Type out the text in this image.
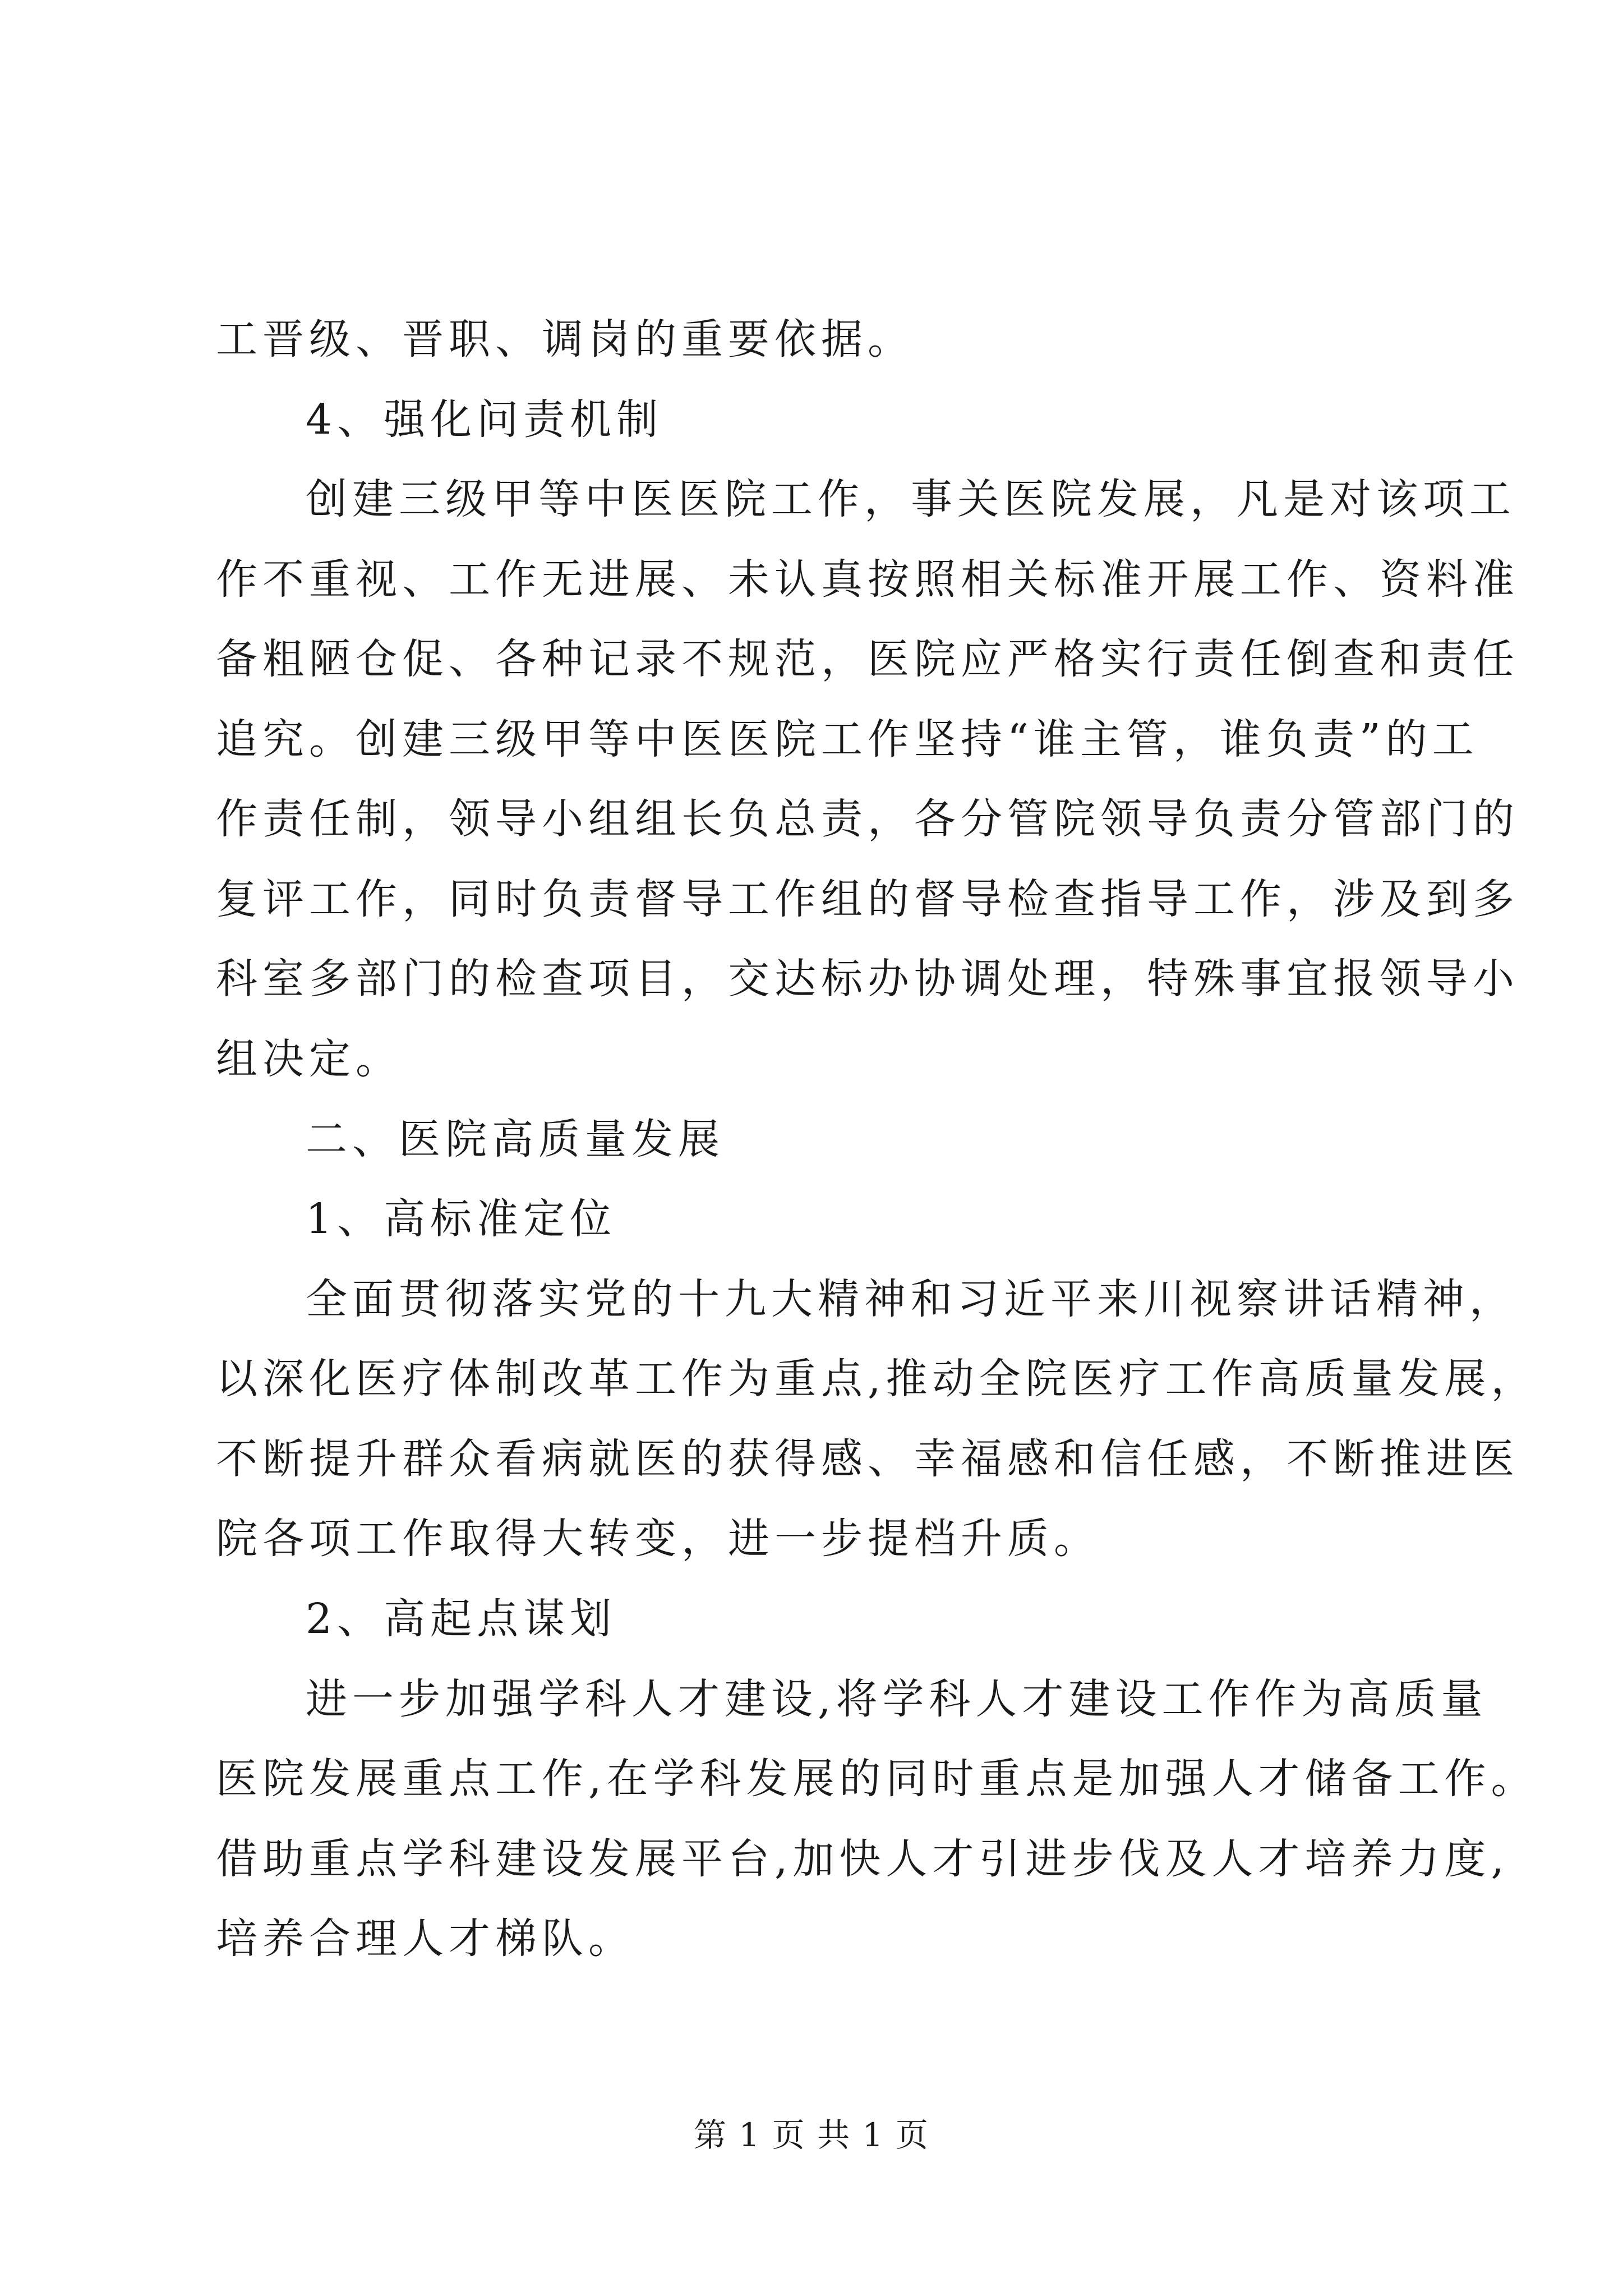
工晋级、晋职、调岗的重要依据。

4、强化问责机制

创建三级甲等中医医院工作，事关医院发展，凡是对该项工

作不重视、工作无进展、未认真按照相关标准开展工作、资料准

备粗陋仓促、各种记录不规范，医院应严格实行责任倒查和责任

追究。创建三级甲等中医医院工作坚持“谁主管，谁负责”的工

作责任制，领导小组组长负总责，各分管院领导负责分管部门的

复评工作，同时负责督导工作组的督导检查指导工作，涉及到多

科室多部门的检查项目，交达标办协调处理，特殊事宜报领导小

组决定。

二、医院高质量发展

1、高标准定位

全面贯彻落实党的十九大精神和习近平来川视察讲话精神，

以深化医疗体制改革工作为重点,推动全院医疗工作高质量发展，

不断提升群众看病就医的获得感、幸福感和信任感，不断推进医

院各项工作取得大转变，进一步提档升质。

2、高起点谋划

进一步加强学科人才建设,将学科人才建设工作作为高质量

医院发展重点工作,在学科发展的同时重点是加强人才储备工作。

借助重点学科建设发展平台,加快人才引进步伐及人才培养力度,

培养合理人才梯队。

第 1 页 共 1 页
